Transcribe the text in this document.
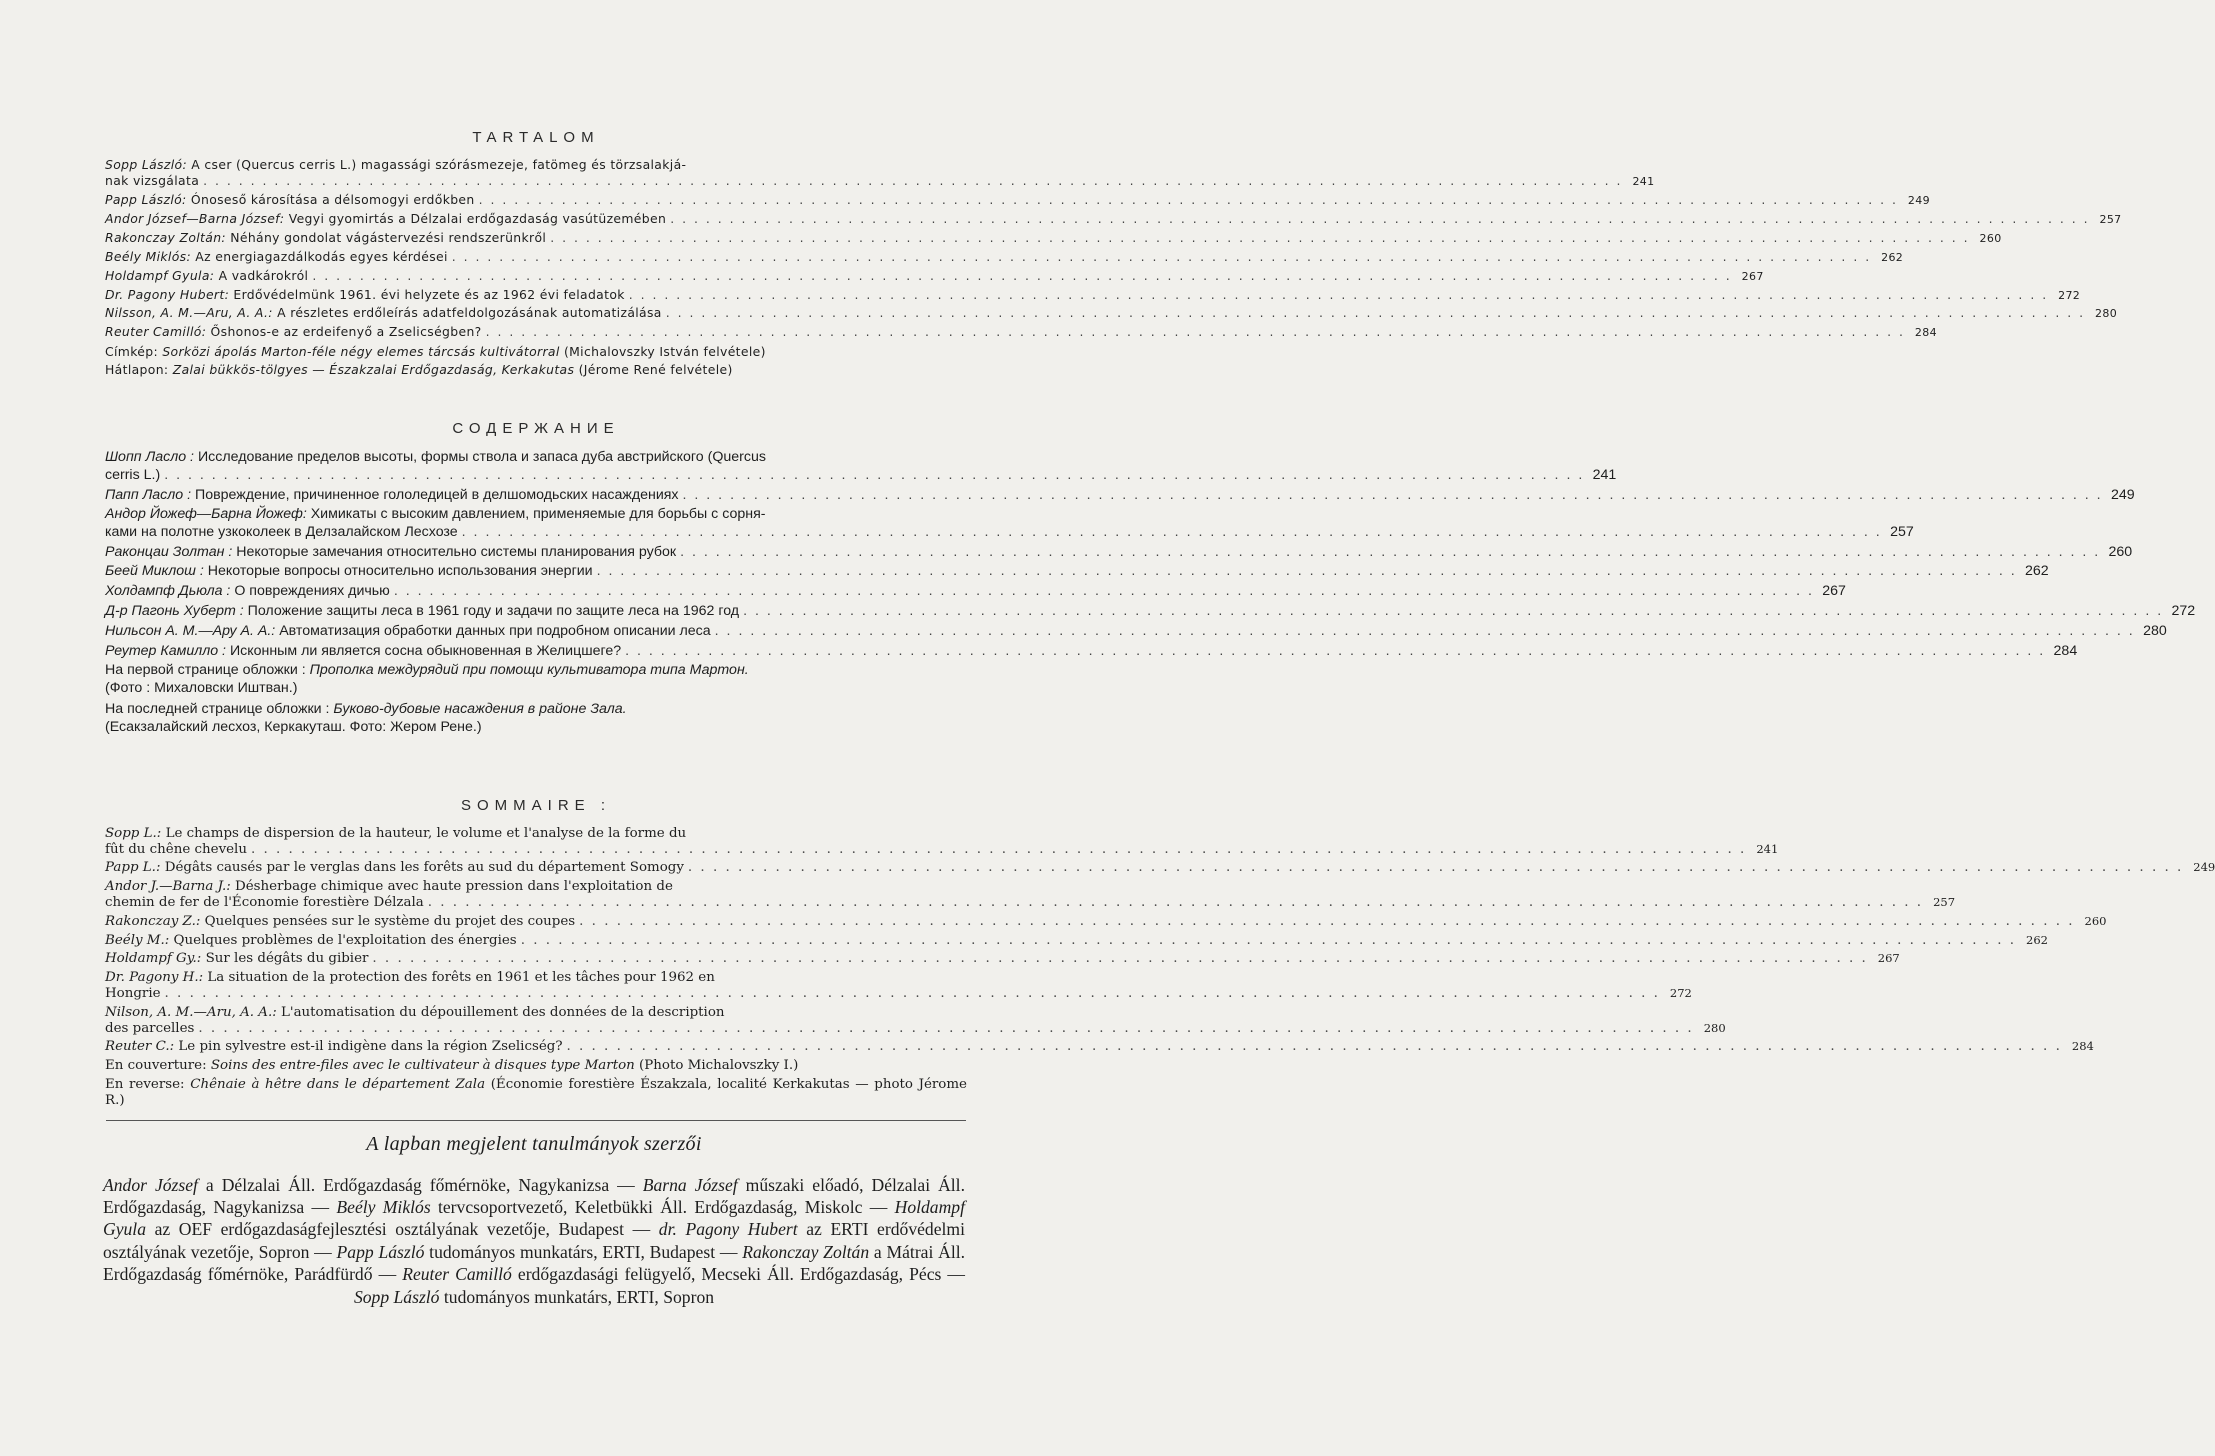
TARTALOM
Sopp László: A cser (Quercus cerris L.) magassági szórásmezeje, fatömeg és törzsalakjá-
nak vizsgálata . . . . . . . . . . . . . . . . . . . . . . . . . . . . . . . . . . . . . . . . . . . . . . . . . . . . . . . . . . . . . . . . . . . . . . . . . . . . . . . . . . . . . . . . . . . . . . . . . . . . . . . . . . . . . . . . . . . . . . . . 241
Papp László: Ónoseső károsítása a délsomogyi erdőkben . . . . . . . . . . . . . . . . . . . . . . . . . . . . . . . . . . . . . . . . . . . . . . . . . . . . . . . . . . . . . . . . . . . . . . . . . . . . . . . . . . . . . . . . . . . . . . . . . . . . . . . . . . . . . . . . . . . . . . . . 249
Andor József—Barna József: Vegyi gyomirtás a Délzalai erdőgazdaság vasútüzemében . . . . . . . . . . . . . . . . . . . . . . . . . . . . . . . . . . . . . . . . . . . . . . . . . . . . . . . . . . . . . . . . . . . . . . . . . . . . . . . . . . . . . . . . . . . . . . . . . . . . . . . . . . . . . . . . . . . . . . . . 257
Rakonczay Zoltán: Néhány gondolat vágástervezési rendszerünkről . . . . . . . . . . . . . . . . . . . . . . . . . . . . . . . . . . . . . . . . . . . . . . . . . . . . . . . . . . . . . . . . . . . . . . . . . . . . . . . . . . . . . . . . . . . . . . . . . . . . . . . . . . . . . . . . . . . . . . . . 260
Beély Miklós: Az energiagazdálkodás egyes kérdései . . . . . . . . . . . . . . . . . . . . . . . . . . . . . . . . . . . . . . . . . . . . . . . . . . . . . . . . . . . . . . . . . . . . . . . . . . . . . . . . . . . . . . . . . . . . . . . . . . . . . . . . . . . . . . . . . . . . . . . . 262
Holdampf Gyula: A vadkárokról . . . . . . . . . . . . . . . . . . . . . . . . . . . . . . . . . . . . . . . . . . . . . . . . . . . . . . . . . . . . . . . . . . . . . . . . . . . . . . . . . . . . . . . . . . . . . . . . . . . . . . . . . . . . . . . . . . . . . . . . 267
Dr. Pagony Hubert: Erdővédelmünk 1961. évi helyzete és az 1962 évi feladatok . . . . . . . . . . . . . . . . . . . . . . . . . . . . . . . . . . . . . . . . . . . . . . . . . . . . . . . . . . . . . . . . . . . . . . . . . . . . . . . . . . . . . . . . . . . . . . . . . . . . . . . . . . . . . . . . . . . . . . . . 272
Nilsson, A. M.—Aru, A. A.: A részletes erdőleírás adatfeldolgozásának automatizálása . . . . . . . . . . . . . . . . . . . . . . . . . . . . . . . . . . . . . . . . . . . . . . . . . . . . . . . . . . . . . . . . . . . . . . . . . . . . . . . . . . . . . . . . . . . . . . . . . . . . . . . . . . . . . . . . . . . . . . . . 280
Reuter Camilló: Őshonos-e az erdeifenyő a Zselicségben? . . . . . . . . . . . . . . . . . . . . . . . . . . . . . . . . . . . . . . . . . . . . . . . . . . . . . . . . . . . . . . . . . . . . . . . . . . . . . . . . . . . . . . . . . . . . . . . . . . . . . . . . . . . . . . . . . . . . . . . . 284

Címkép: Sorközi ápolás Marton-féle négy elemes tárcsás kultivátorral (Michalovszky István felvétele)

Hátlapon: Zalai bükkös-tölgyes — Északzalai Erdőgazdaság, Kerkakutas (Jérome René felvétele)

СОДЕРЖАНИЕ
Шопп Ласло : Исследование пределов высоты, формы ствола и запаса дуба австрийского (Quercus
cerris L.) . . . . . . . . . . . . . . . . . . . . . . . . . . . . . . . . . . . . . . . . . . . . . . . . . . . . . . . . . . . . . . . . . . . . . . . . . . . . . . . . . . . . . . . . . . . . . . . . . . . . . . . . . . . . . . . . . . . . . . . . 241
Папп Ласло : Повреждение, причиненное гололедицей в делшомодьских насаждениях . . . . . . . . . . . . . . . . . . . . . . . . . . . . . . . . . . . . . . . . . . . . . . . . . . . . . . . . . . . . . . . . . . . . . . . . . . . . . . . . . . . . . . . . . . . . . . . . . . . . . . . . . . . . . . . . . . . . . . . . 249
Андор Йожеф—Барна Йожеф: Химикаты с высоким давлением, применяемые для борьбы с сорня-
ками на полотне узкоколеек в Делзалайском Лесхозе . . . . . . . . . . . . . . . . . . . . . . . . . . . . . . . . . . . . . . . . . . . . . . . . . . . . . . . . . . . . . . . . . . . . . . . . . . . . . . . . . . . . . . . . . . . . . . . . . . . . . . . . . . . . . . . . . . . . . . . . 257
Раконцаи Золтан : Некоторые замечания относительно системы планирования рубок . . . . . . . . . . . . . . . . . . . . . . . . . . . . . . . . . . . . . . . . . . . . . . . . . . . . . . . . . . . . . . . . . . . . . . . . . . . . . . . . . . . . . . . . . . . . . . . . . . . . . . . . . . . . . . . . . . . . . . . . 260
Беей Миклош : Некоторые вопросы относительно использования энергии . . . . . . . . . . . . . . . . . . . . . . . . . . . . . . . . . . . . . . . . . . . . . . . . . . . . . . . . . . . . . . . . . . . . . . . . . . . . . . . . . . . . . . . . . . . . . . . . . . . . . . . . . . . . . . . . . . . . . . . . 262
Холдампф Дьюла : О повреждениях дичью . . . . . . . . . . . . . . . . . . . . . . . . . . . . . . . . . . . . . . . . . . . . . . . . . . . . . . . . . . . . . . . . . . . . . . . . . . . . . . . . . . . . . . . . . . . . . . . . . . . . . . . . . . . . . . . . . . . . . . . . 267
Д-р Пагонь Хуберт : Положение защиты леса в 1961 году и задачи по защите леса на 1962 год . . . . . . . . . . . . . . . . . . . . . . . . . . . . . . . . . . . . . . . . . . . . . . . . . . . . . . . . . . . . . . . . . . . . . . . . . . . . . . . . . . . . . . . . . . . . . . . . . . . . . . . . . . . . . . . . . . . . . . . . 272
Нильсон А. М.—Ару А. А.: Автоматизация обработки данных при подробном описании леса . . . . . . . . . . . . . . . . . . . . . . . . . . . . . . . . . . . . . . . . . . . . . . . . . . . . . . . . . . . . . . . . . . . . . . . . . . . . . . . . . . . . . . . . . . . . . . . . . . . . . . . . . . . . . . . . . . . . . . . . 280
Реутер Камилло : Исконным ли является сосна обыкновенная в Желицшеге? . . . . . . . . . . . . . . . . . . . . . . . . . . . . . . . . . . . . . . . . . . . . . . . . . . . . . . . . . . . . . . . . . . . . . . . . . . . . . . . . . . . . . . . . . . . . . . . . . . . . . . . . . . . . . . . . . . . . . . . . 284

На первой странице обложки : Прополка междурядий при помощи культиватора типа Мартон.
(Фото : Михаловски Иштван.)

На последней странице обложки : Буково-дубовые насаждения в районе Зала.
(Есакзалайский лесхоз, Керкакуташ. Фото: Жером Рене.)

SOMMAIRE :
Sopp L.: Le champs de dispersion de la hauteur, le volume et l'analyse de la forme du
fût du chêne chevelu . . . . . . . . . . . . . . . . . . . . . . . . . . . . . . . . . . . . . . . . . . . . . . . . . . . . . . . . . . . . . . . . . . . . . . . . . . . . . . . . . . . . . . . . . . . . . . . . . . . . . . . . . . . . . . . . . . . . . . . . 241
Papp L.: Dégâts causés par le verglas dans les forêts au sud du département Somogy . . . . . . . . . . . . . . . . . . . . . . . . . . . . . . . . . . . . . . . . . . . . . . . . . . . . . . . . . . . . . . . . . . . . . . . . . . . . . . . . . . . . . . . . . . . . . . . . . . . . . . . . . . . . . . . . . . . . . . . . 249
Andor J.—Barna J.: Désherbage chimique avec haute pression dans l'exploitation de
chemin de fer de l'Économie forestière Délzala . . . . . . . . . . . . . . . . . . . . . . . . . . . . . . . . . . . . . . . . . . . . . . . . . . . . . . . . . . . . . . . . . . . . . . . . . . . . . . . . . . . . . . . . . . . . . . . . . . . . . . . . . . . . . . . . . . . . . . . . 257
Rakonczay Z.: Quelques pensées sur le système du projet des coupes . . . . . . . . . . . . . . . . . . . . . . . . . . . . . . . . . . . . . . . . . . . . . . . . . . . . . . . . . . . . . . . . . . . . . . . . . . . . . . . . . . . . . . . . . . . . . . . . . . . . . . . . . . . . . . . . . . . . . . . . 260
Beély M.: Quelques problèmes de l'exploitation des énergies . . . . . . . . . . . . . . . . . . . . . . . . . . . . . . . . . . . . . . . . . . . . . . . . . . . . . . . . . . . . . . . . . . . . . . . . . . . . . . . . . . . . . . . . . . . . . . . . . . . . . . . . . . . . . . . . . . . . . . . . 262
Holdampf Gy.: Sur les dégâts du gibier . . . . . . . . . . . . . . . . . . . . . . . . . . . . . . . . . . . . . . . . . . . . . . . . . . . . . . . . . . . . . . . . . . . . . . . . . . . . . . . . . . . . . . . . . . . . . . . . . . . . . . . . . . . . . . . . . . . . . . . . 267
Dr. Pagony H.: La situation de la protection des forêts en 1961 et les tâches pour 1962 en
Hongrie . . . . . . . . . . . . . . . . . . . . . . . . . . . . . . . . . . . . . . . . . . . . . . . . . . . . . . . . . . . . . . . . . . . . . . . . . . . . . . . . . . . . . . . . . . . . . . . . . . . . . . . . . . . . . . . . . . . . . . . . 272
Nilson, A. M.—Aru, A. A.: L'automatisation du dépouillement des données de la description
des parcelles . . . . . . . . . . . . . . . . . . . . . . . . . . . . . . . . . . . . . . . . . . . . . . . . . . . . . . . . . . . . . . . . . . . . . . . . . . . . . . . . . . . . . . . . . . . . . . . . . . . . . . . . . . . . . . . . . . . . . . . . 280
Reuter C.: Le pin sylvestre est-il indigène dans la région Zselicség? . . . . . . . . . . . . . . . . . . . . . . . . . . . . . . . . . . . . . . . . . . . . . . . . . . . . . . . . . . . . . . . . . . . . . . . . . . . . . . . . . . . . . . . . . . . . . . . . . . . . . . . . . . . . . . . . . . . . . . . . 284

En couverture: Soins des entre-files avec le cultivateur à disques type Marton (Photo Michalovszky I.)

En reverse: Chênaie à hêtre dans le département Zala (Économie forestière Északzala, localité Kerkakutas — photo Jérome R.)

A lapban megjelent tanulmányok szerzői

Andor József a Délzalai Áll. Erdőgazdaság főmérnöke, Nagykanizsa — Barna József műszaki előadó, Délzalai Áll. Erdőgazdaság, Nagykanizsa — Beély Miklós tervcsoportvezető, Keletbükki Áll. Erdőgazdaság, Miskolc — Holdampf Gyula az OEF erdőgazdaságfejlesztési osztályának vezetője, Budapest — dr. Pagony Hubert az ERTI erdővédelmi osztályának vezetője, Sopron — Papp László tudományos munkatárs, ERTI, Budapest — Rakonczay Zoltán a Mátrai Áll. Erdőgazdaság főmérnöke, Parádfürdő — Reuter Camilló erdőgazdasági felügyelő, Mecseki Áll. Erdőgazdaság, Pécs — Sopp László tudományos munkatárs, ERTI, Sopron
